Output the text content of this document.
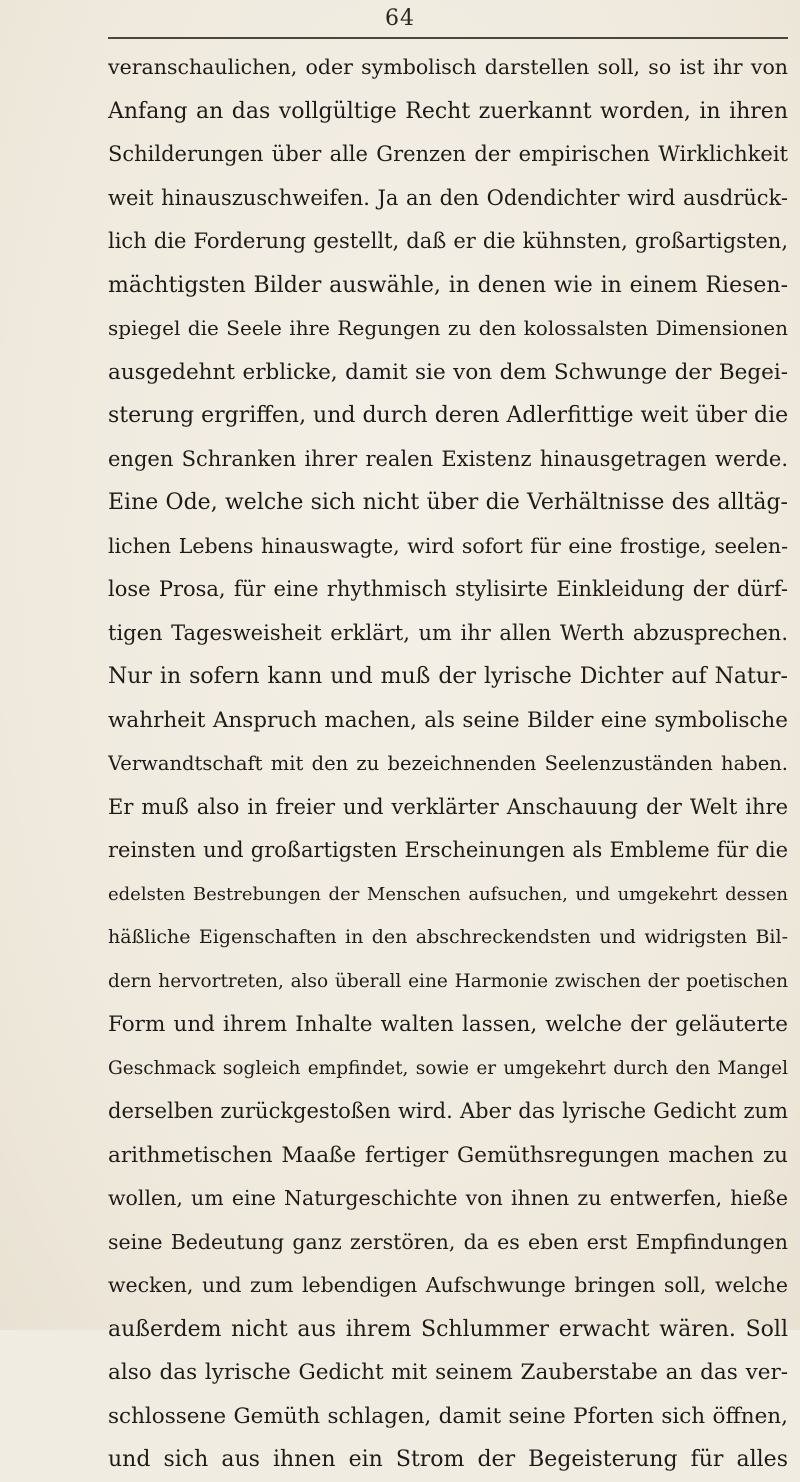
64
veranschaulichen, oder symbolisch darstellen soll, so ist ihr von
Anfang an das vollgültige Recht zuerkannt worden, in ihren
Schilderungen über alle Grenzen der empirischen Wirklichkeit
weit hinauszuschweifen. Ja an den Odendichter wird ausdrück-
lich die Forderung gestellt, daß er die kühnsten, großartigsten,
mächtigsten Bilder auswähle, in denen wie in einem Riesen-
spiegel die Seele ihre Regungen zu den kolossalsten Dimensionen
ausgedehnt erblicke, damit sie von dem Schwunge der Begei-
sterung ergriffen, und durch deren Adlerfittige weit über die
engen Schranken ihrer realen Existenz hinausgetragen werde.
Eine Ode, welche sich nicht über die Verhältnisse des alltäg-
lichen Lebens hinauswagte, wird sofort für eine frostige, seelen-
lose Prosa, für eine rhythmisch stylisirte Einkleidung der dürf-
tigen Tagesweisheit erklärt, um ihr allen Werth abzusprechen.
Nur in sofern kann und muß der lyrische Dichter auf Natur-
wahrheit Anspruch machen, als seine Bilder eine symbolische
Verwandtschaft mit den zu bezeichnenden Seelenzuständen haben.
Er muß also in freier und verklärter Anschauung der Welt ihre
reinsten und großartigsten Erscheinungen als Embleme für die
edelsten Bestrebungen der Menschen aufsuchen, und umgekehrt dessen
häßliche Eigenschaften in den abschreckendsten und widrigsten Bil-
dern hervortreten, also überall eine Harmonie zwischen der poetischen
Form und ihrem Inhalte walten lassen, welche der geläuterte
Geschmack sogleich empfindet, sowie er umgekehrt durch den Mangel
derselben zurückgestoßen wird. Aber das lyrische Gedicht zum
arithmetischen Maaße fertiger Gemüthsregungen machen zu
wollen, um eine Naturgeschichte von ihnen zu entwerfen, hieße
seine Bedeutung ganz zerstören, da es eben erst Empfindungen
wecken, und zum lebendigen Aufschwunge bringen soll, welche
außerdem nicht aus ihrem Schlummer erwacht wären. Soll
also das lyrische Gedicht mit seinem Zauberstabe an das ver-
schlossene Gemüth schlagen, damit seine Pforten sich öffnen,
und sich aus ihnen ein Strom der Begeisterung für alles
